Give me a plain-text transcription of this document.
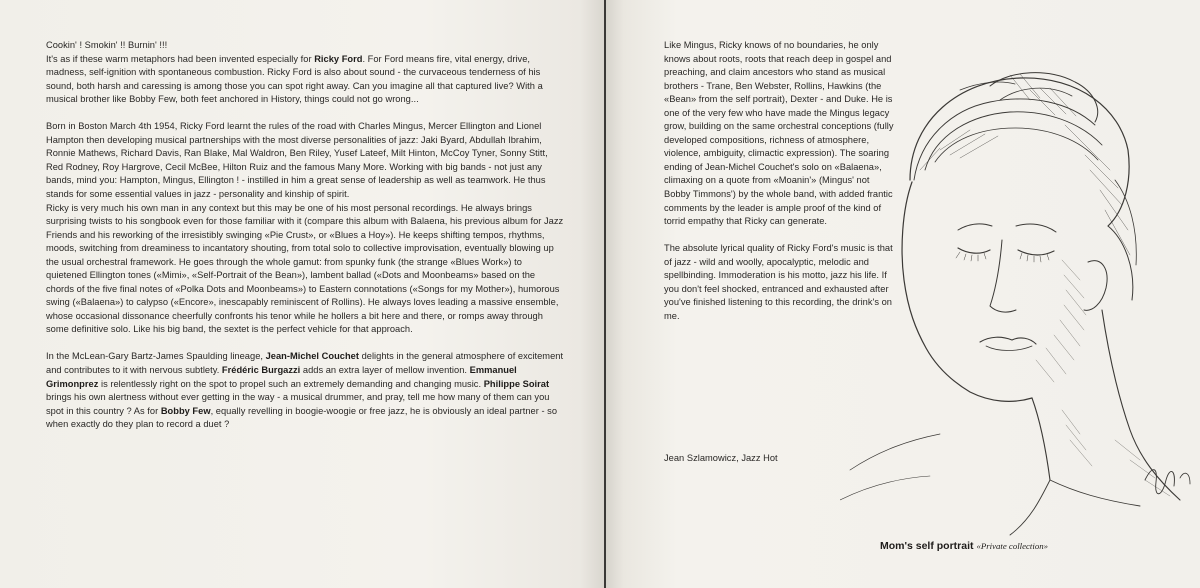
Cookin' ! Smokin' !! Burnin' !!!

It's as if these warm metaphors had been invented especially for Ricky Ford. For Ford means fire, vital energy, drive, madness, self-ignition with spontaneous combustion. Ricky Ford is also about sound - the curvaceous tenderness of his sound, both harsh and caressing is among those you can spot right away. Can you imagine all that captured live? With a musical brother like Bobby Few, both feet anchored in History, things could not go wrong...

Born in Boston March 4th 1954, Ricky Ford learnt the rules of the road with Charles Mingus, Mercer Ellington and Lionel Hampton then developing musical partnerships with the most diverse personalities of jazz: Jaki Byard, Abdullah Ibrahim, Ronnie Mathews, Richard Davis, Ran Blake, Mal Waldron, Ben Riley, Yusef Lateef, Milt Hinton, McCoy Tyner, Sonny Stitt, Red Rodney, Roy Hargrove, Cecil McBee, Hilton Ruiz and the famous Many More. Working with big bands - not just any bands, mind you: Hampton, Mingus, Ellington ! - instilled in him a great sense of leadership as well as teamwork. He thus stands for some essential values in jazz - personality and kinship of spirit.

Ricky is very much his own man in any context but this may be one of his most personal recordings. He always brings surprising twists to his songbook even for those familiar with it (compare this album with Balaena, his previous album for Jazz Friends and his reworking of the irresistibly swinging «Pie Crust», or «Blues a Hoy»). He keeps shifting tempos, rhythms, moods, switching from dreaminess to incantatory shouting, from total solo to collective improvisation, eventually blowing up the usual orchestral framework. He goes through the whole gamut: from spunky funk (the strange «Blues Work») to quietened Ellington tones («Mimi», «Self-Portrait of the Bean»), lambent ballad («Dots and Moonbeams» based on the chords of the five final notes of «Polka Dots and Moonbeams») to Eastern connotations («Songs for my Mother»), humorous swing («Balaena») to calypso («Encore», inescapably reminiscent of Rollins). He always loves leading a massive ensemble, whose occasional dissonance cheerfully confronts his tenor while he hollers a bit here and there, or romps away through some definitive solo. Like his big band, the sextet is the perfect vehicle for that approach.

In the McLean-Gary Bartz-James Spaulding lineage, Jean-Michel Couchet delights in the general atmosphere of excitement and contributes to it with nervous subtlety. Frédéric Burgazzi adds an extra layer of mellow invention. Emmanuel Grimonprez is relentlessly right on the spot to propel such an extremely demanding and changing music. Philippe Soirat brings his own alertness without ever getting in the way - a musical drummer, and pray, tell me how many of them can you spot in this country ? As for Bobby Few, equally revelling in boogie-woogie or free jazz, he is obviously an ideal partner - so when exactly do they plan to record a duet ?

Like Mingus, Ricky knows of no boundaries, he only knows about roots, roots that reach deep in gospel and preaching, and claim ancestors who stand as musical brothers - Trane, Ben Webster, Rollins, Hawkins (the «Bean» from the self portrait), Dexter - and Duke. He is one of the very few who have made the Mingus legacy grow, building on the same orchestral conceptions (fully developed compositions, richness of atmosphere, violence, ambiguity, climactic expression). The soaring ending of Jean-Michel Couchet's solo on «Balaena», climaxing on a quote from «Moanin'» (Mingus' not Bobby Timmons') by the whole band, with added frantic comments by the leader is ample proof of the kind of torrid empathy that Ricky can generate.

The absolute lyrical quality of Ricky Ford's music is that of jazz - wild and woolly, apocalyptic, melodic and spellbinding. Immoderation is his motto, jazz his life. If you don't feel shocked, entranced and exhausted after you've finished listening to this recording, the drink's on me.

Jean Szlamowicz, Jazz Hot
Mom's self portrait «Private collection»
